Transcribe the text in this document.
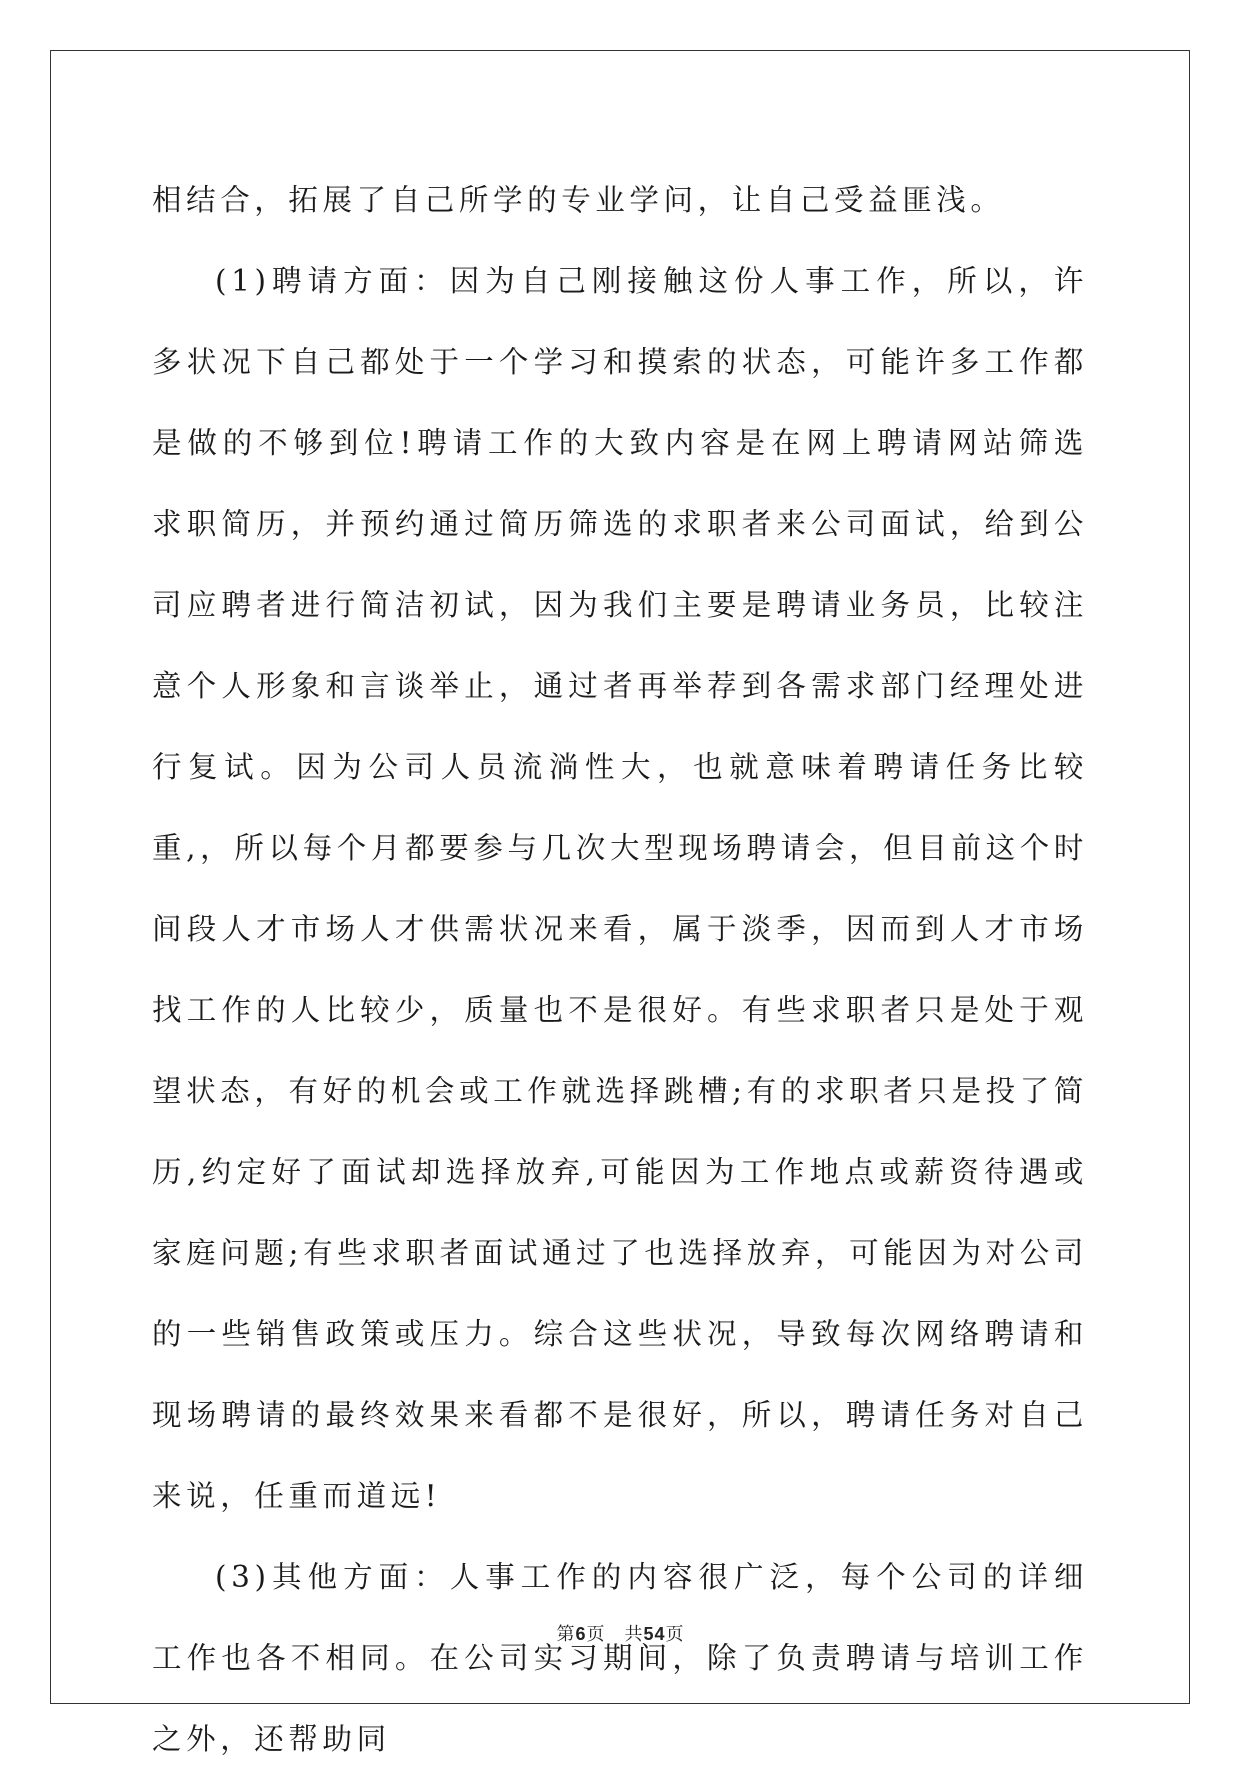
相结合，拓展了自己所学的专业学问，让自己受益匪浅。

(1)聘请方面：因为自己刚接触这份人事工作，所以，许多状况下自己都处于一个学习和摸索的状态，可能许多工作都是做的不够到位!聘请工作的大致内容是在网上聘请网站筛选求职简历，并预约通过简历筛选的求职者来公司面试，给到公司应聘者进行简洁初试，因为我们主要是聘请业务员，比较注意个人形象和言谈举止，通过者再举荐到各需求部门经理处进行复试。因为公司人员流淌性大，也就意味着聘请任务比较重,，所以每个月都要参与几次大型现场聘请会，但目前这个时间段人才市场人才供需状况来看，属于淡季，因而到人才市场找工作的人比较少，质量也不是很好。有些求职者只是处于观望状态，有好的机会或工作就选择跳槽;有的求职者只是投了简历,约定好了面试却选择放弃,可能因为工作地点或薪资待遇或家庭问题;有些求职者面试通过了也选择放弃，可能因为对公司的一些销售政策或压力。综合这些状况，导致每次网络聘请和现场聘请的最终效果来看都不是很好，所以，聘请任务对自己来说，任重而道远!

(3)其他方面：人事工作的内容很广泛，每个公司的详细工作也各不相同。在公司实习期间，除了负责聘请与培训工作之外，还帮助同

第6页　共54页
